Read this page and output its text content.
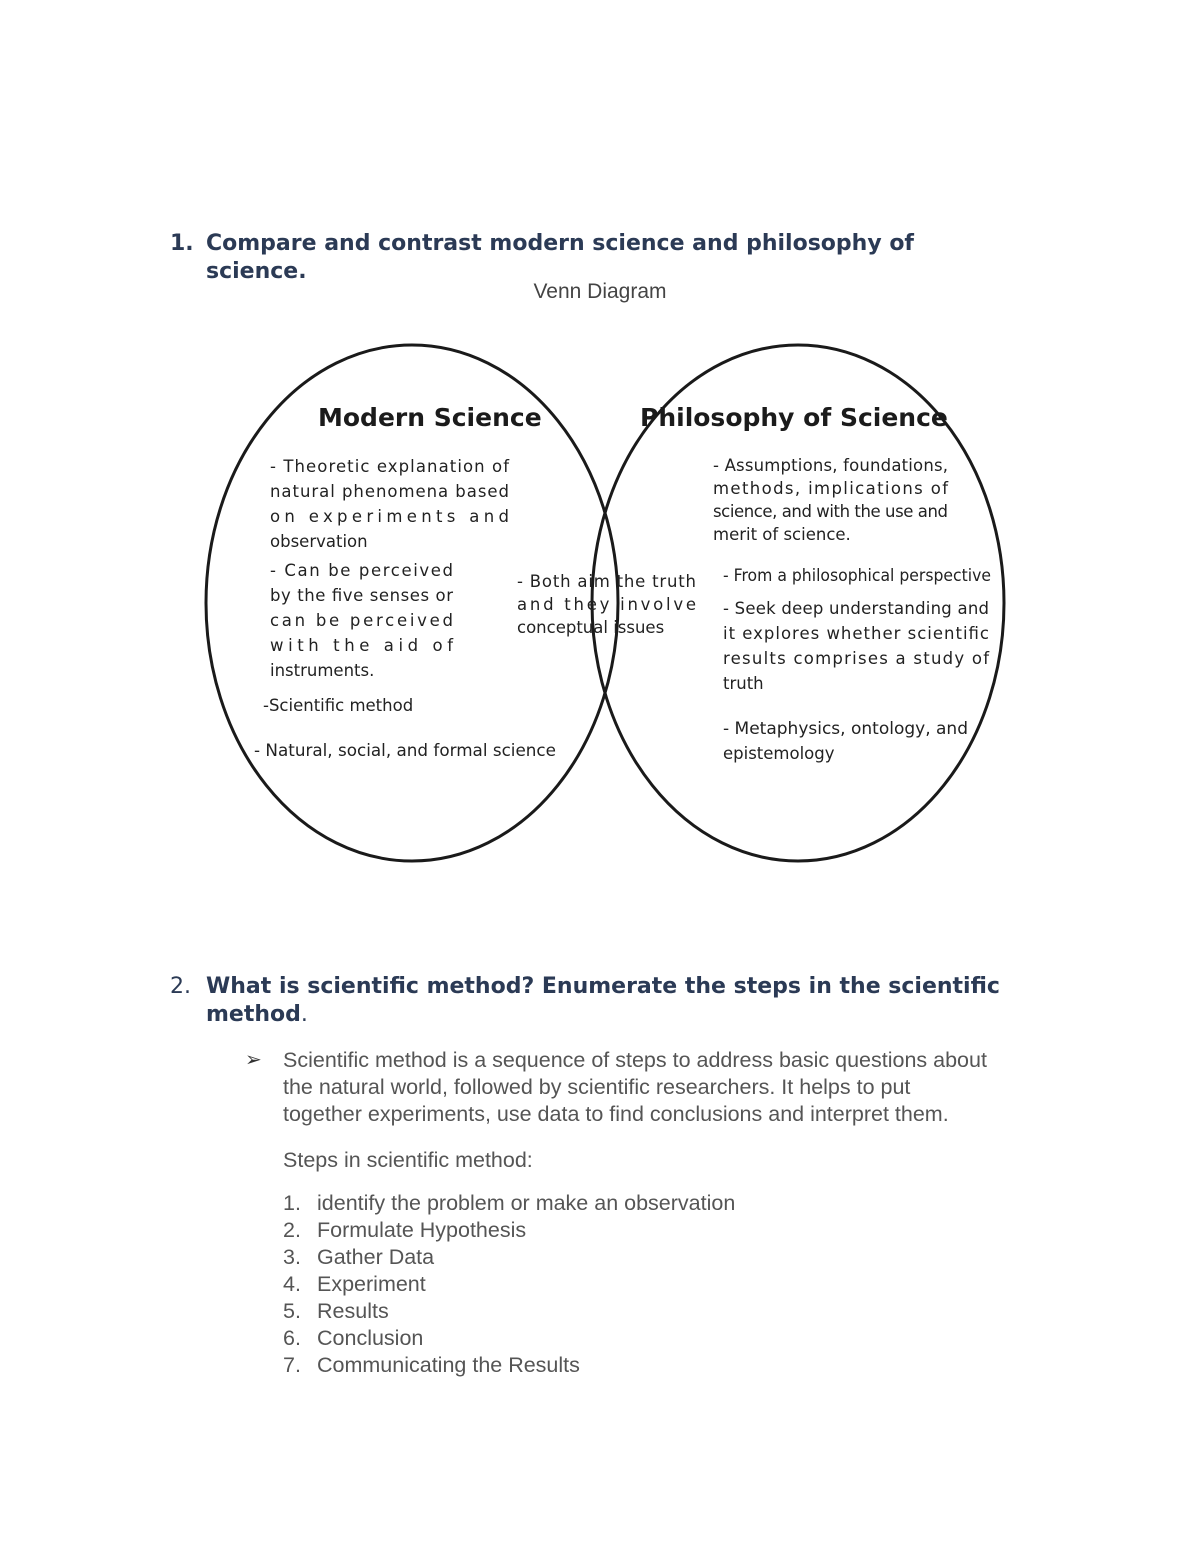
1. Compare and contrast modern science and philosophy of science.
Venn Diagram
Modern Science	Philosophy of Science
- Theoretic explanation of
natural phenomena based
on experiments and
observation
- Can be perceived
by the five senses or
can be perceived
with the aid of
instruments.
-Scientific method
- Natural, social, and formal science
- Both aim the truth
and they involve
conceptual issues
- Assumptions, foundations,
methods, implications of
science, and with the use and
merit of science.
- From a philosophical perspective
- Seek deep understanding and
it explores whether scientific
results comprises a study of
truth
- Metaphysics, ontology, and
epistemology
2. What is scientific method? Enumerate the steps in the scientific method.
➢ Scientific method is a sequence of steps to address basic questions about
the natural world, followed by scientific researchers. It helps to put
together experiments, use data to find conclusions and interpret them.
Steps in scientific method:
1. identify the problem or make an observation
2. Formulate Hypothesis
3. Gather Data
4. Experiment
5. Results
6. Conclusion
7. Communicating the Results
